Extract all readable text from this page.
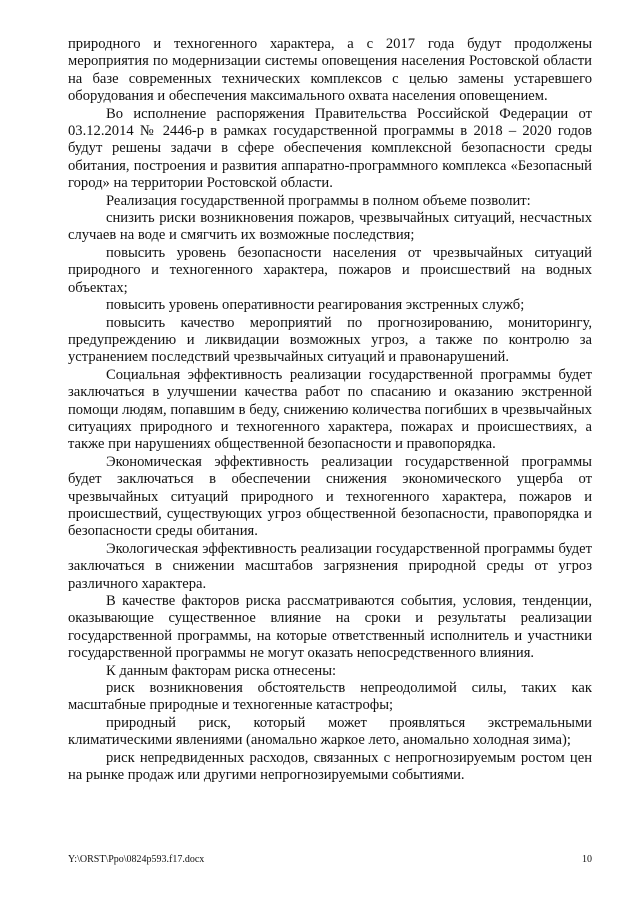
природного и техногенного характера, а с 2017 года будут продолжены мероприятия по модернизации системы оповещения населения Ростовской области на базе современных технических комплексов с целью замены устаревшего оборудования и обеспечения максимального охвата населения оповещением.

Во исполнение распоряжения Правительства Российской Федерации от 03.12.2014 № 2446-р в рамках государственной программы в 2018 – 2020 годов будут решены задачи в сфере обеспечения комплексной безопасности среды обитания, построения и развития аппаратно-программного комплекса «Безопасный город» на территории Ростовской области.

Реализация государственной программы в полном объеме позволит:

снизить риски возникновения пожаров, чрезвычайных ситуаций, несчастных случаев на воде и смягчить их возможные последствия;

повысить уровень безопасности населения от чрезвычайных ситуаций природного и техногенного характера, пожаров и происшествий на водных объектах;

повысить уровень оперативности реагирования экстренных служб;

повысить качество мероприятий по прогнозированию, мониторингу, предупреждению и ликвидации возможных угроз, а также по контролю за устранением последствий чрезвычайных ситуаций и правонарушений.

Социальная эффективность реализации государственной программы будет заключаться в улучшении качества работ по спасанию и оказанию экстренной помощи людям, попавшим в беду, снижению количества погибших в чрезвычайных ситуациях природного и техногенного характера, пожарах и происшествиях, а также при нарушениях общественной безопасности и правопорядка.

Экономическая эффективность реализации государственной программы будет заключаться в обеспечении снижения экономического ущерба от чрезвычайных ситуаций природного и техногенного характера, пожаров и происшествий, существующих угроз общественной безопасности, правопорядка и безопасности среды обитания.

Экологическая эффективность реализации государственной программы будет заключаться в снижении масштабов загрязнения природной среды от угроз различного характера.

В качестве факторов риска рассматриваются события, условия, тенденции, оказывающие существенное влияние на сроки и результаты реализации государственной программы, на которые ответственный исполнитель и участники государственной программы не могут оказать непосредственного влияния.

К данным факторам риска отнесены:

риск возникновения обстоятельств непреодолимой силы, таких как масштабные природные и техногенные катастрофы;

природный риск, который может проявляться экстремальными климатическими явлениями (аномально жаркое лето, аномально холодная зима);

риск непредвиденных расходов, связанных с непрогнозируемым ростом цен на рынке продаж или другими непрогнозируемыми событиями.

Y:\ORST\Ppo\0824p593.f17.docx	10
